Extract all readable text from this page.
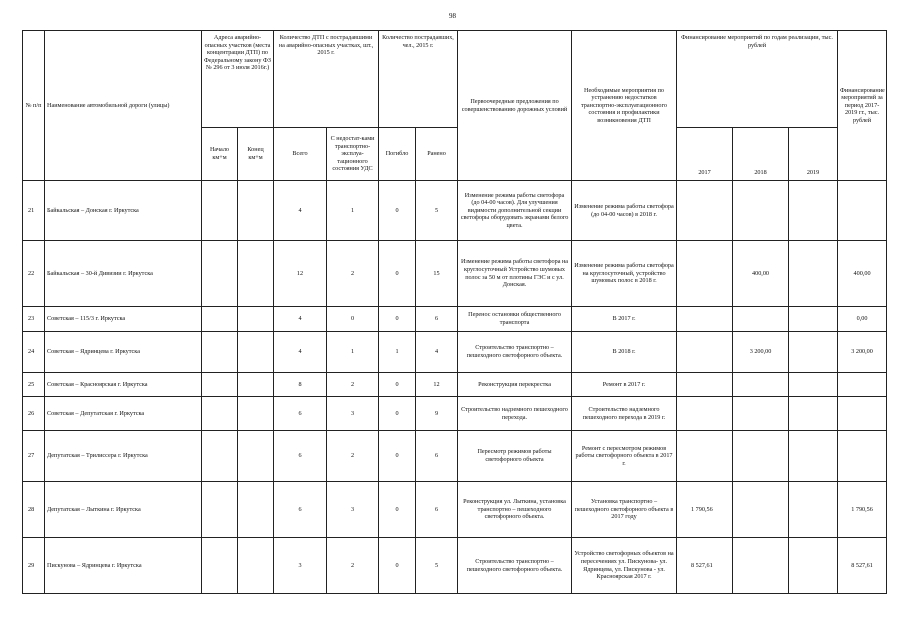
98
№ п/п	Наименование автомобильной дороги (улицы)	Адреса аварийно-опасных участков (места концентрации ДТП) по Федеральному закону ФЗ № 296 от 3 июля 2016г.)		Количество ДТП с пострадавшими на аварийно-опасных участках, шт., 2015 г.		Количество пострадавших, чел., 2015 г.		Первоочередные предложения по совершенствованию дорожных условий	Необходимые мероприятия по устранению недостатков транспортно-эксплуатационного состояния и профилактики возникновения ДТП	Финансирование мероприятий по годам реализации, тыс. рублей			Финансирование мероприятий за период 2017-2019 гг., тыс. рублей
		Начало км+м	Конец км+м	Всего	С недостат-ками транспортно-эксплуа-тационного состояния УДС	Погибло	Ранено			2017	2018	2019	
21	Байкальская – Донская г. Иркутска			4	1	0	5	Изменение режима работы светофора (до 04-00 часов). Для улучшения видимости дополнительной секции светофоры оборудовать экранами белого цвета.	Изменение режима работы светофора (до 04-00 часов) в 2018 г.				
22	Байкальская – 30-й Дивизии г. Иркутска			12	2	0	15	Изменение режима работы светофора на круглосуточный Устройство шумовых полос за 50 м от плотины ГЭС и с ул. Донская.	Изменение режима работы светофора на круглосуточный, устройство шумовых полос в 2018 г.		400,00		400,00
23	Советская – 115/3 г. Иркутска			4	0	0	6	Перенос остановки общественного транспорта	В 2017 г.				0,00
24	Советская – Ядринцева г. Иркутска			4	1	1	4	Строительство транспортно – пешеходного светофорного объекта.	В 2018 г.		3 200,00		3 200,00
25	Советская – Красноярская г. Иркутска			8	2	0	12	Реконструкция перекрестка	Ремонт в 2017 г.				
26	Советская – Депутатская г. Иркутска			6	3	0	9	Строительство надземного пешеходного перехода.	Строительство надземного пешеходного перехода в 2019 г.				
27	Депутатская – Трилиссера г. Иркутска			6	2	0	6	Пересмотр режимов работы светофорного объекта	Ремонт с пересмотром режимов работы светофорного объекта в 2017 г.				
28	Депутатская – Лыткина г. Иркутска			6	3	0	6	Реконструкция ул. Лыткина, установка транспортно – пешеходного светофорного объекта.	Установка транспортно – пешеходного светофорного объекта в 2017 году	1 790,56			1 790,56
29	Пискунова – Ядринцева г. Иркутска			3	2	0	5	Строительство транспортно – пешеходного светофорного объекта.	Устройство светофорных объектов на пересечениях ул. Пискунова- ул. Ядринцева, ул. Пискунова - ул. Красноярская 2017 г.	8 527,61			8 527,61
